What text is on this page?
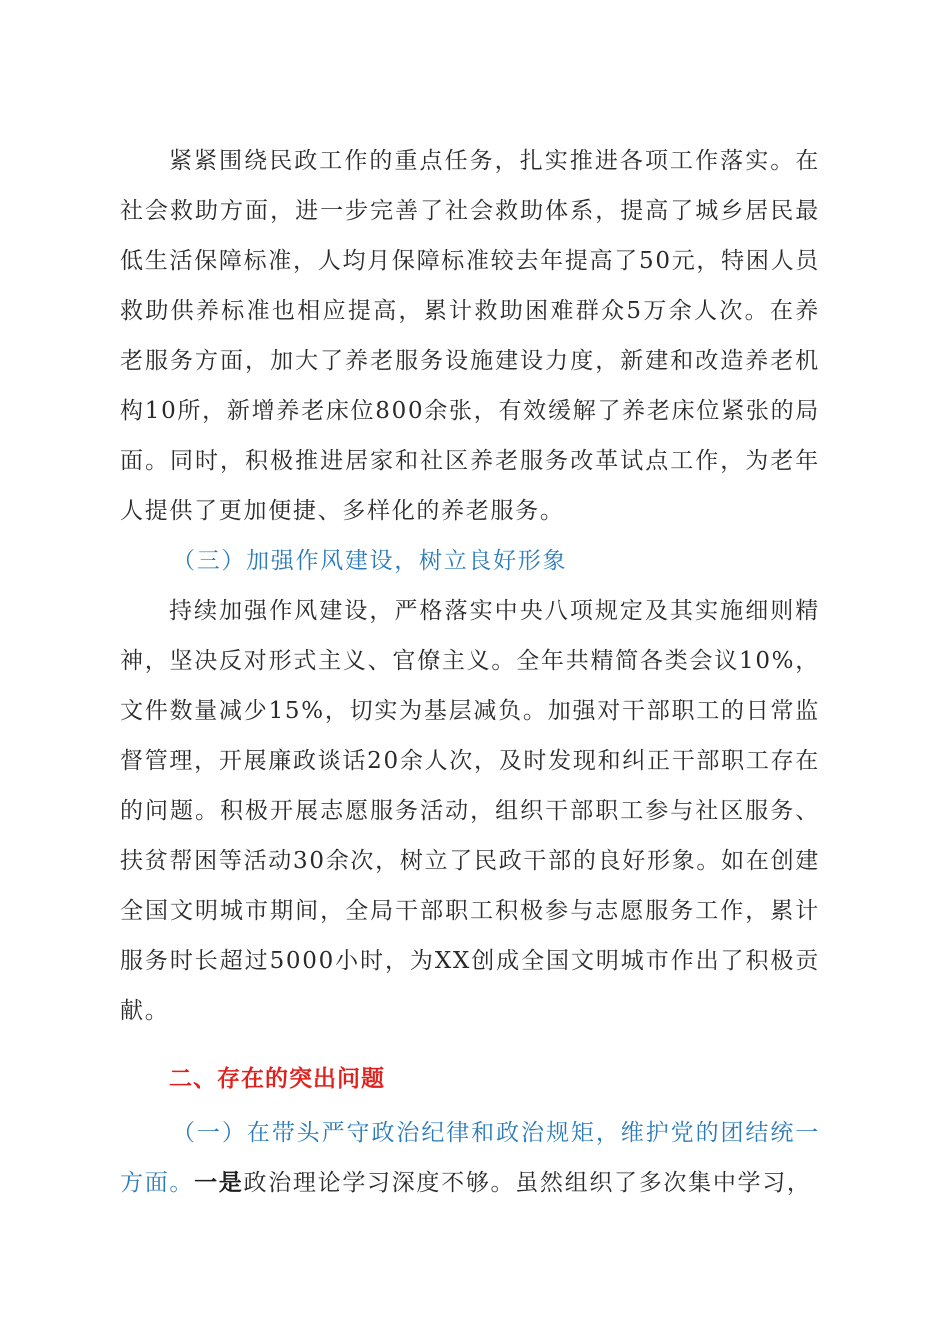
紧紧围绕民政工作的重点任务，扎实推进各项工作落实。在社会救助方面，进一步完善了社会救助体系，提高了城乡居民最低生活保障标准，人均月保障标准较去年提高了50元，特困人员救助供养标准也相应提高，累计救助困难群众5万余人次。在养老服务方面，加大了养老服务设施建设力度，新建和改造养老机构10所，新增养老床位800余张，有效缓解了养老床位紧张的局面。同时，积极推进居家和社区养老服务改革试点工作，为老年人提供了更加便捷、多样化的养老服务。

（三）加强作风建设，树立良好形象

持续加强作风建设，严格落实中央八项规定及其实施细则精神，坚决反对形式主义、官僚主义。全年共精简各类会议10%，文件数量减少15%，切实为基层减负。加强对干部职工的日常监督管理，开展廉政谈话20余人次，及时发现和纠正干部职工存在的问题。积极开展志愿服务活动，组织干部职工参与社区服务、扶贫帮困等活动30余次，树立了民政干部的良好形象。如在创建全国文明城市期间，全局干部职工积极参与志愿服务工作，累计服务时长超过5000小时，为XX创成全国文明城市作出了积极贡献。

二、存在的突出问题

（一）在带头严守政治纪律和政治规矩，维护党的团结统一方面。一是政治理论学习深度不够。虽然组织了多次集中学习，
